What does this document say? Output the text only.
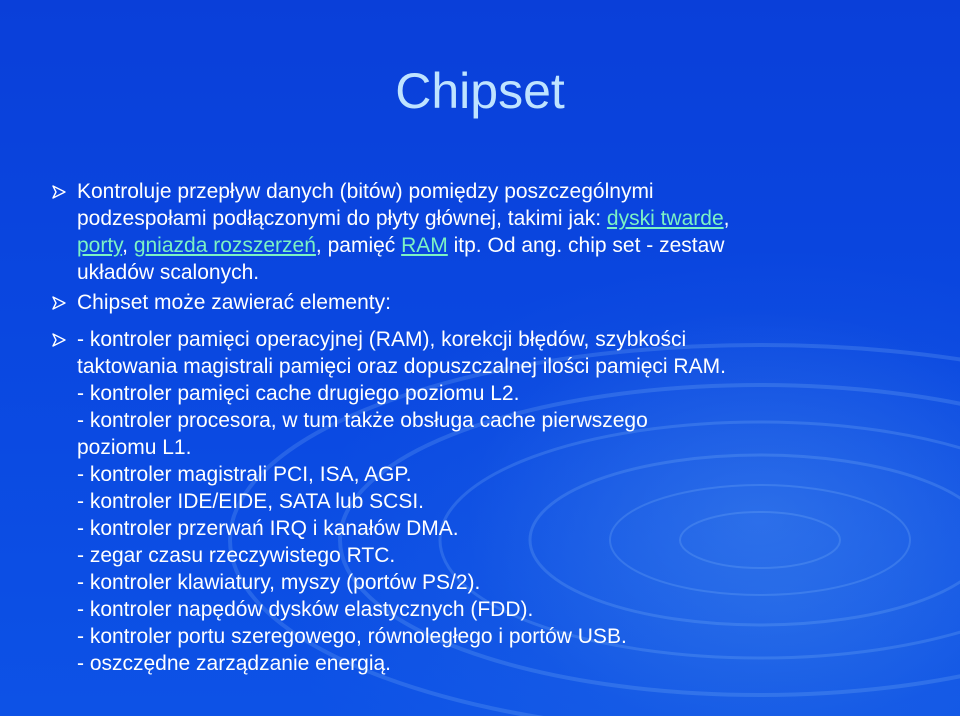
Chipset
Kontroluje przepływ danych (bitów) pomiędzy poszczególnymi
podzespołami podłączonymi do płyty głównej, takimi jak: dyski twarde,
porty, gniazda rozszerzeń, pamięć RAM itp. Od ang. chip set - zestaw
układów scalonych.
Chipset może zawierać elementy:
- kontroler pamięci operacyjnej (RAM), korekcji błędów, szybkości
taktowania magistrali pamięci oraz dopuszczalnej ilości pamięci RAM.
- kontroler pamięci cache drugiego poziomu L2.
- kontroler procesora, w tum także obsługa cache pierwszego
poziomu L1.
- kontroler magistrali PCI, ISA, AGP.
- kontroler IDE/EIDE, SATA lub SCSI.
- kontroler przerwań IRQ i kanałów DMA.
- zegar czasu rzeczywistego RTC.
- kontroler klawiatury, myszy (portów PS/2).
- kontroler napędów dysków elastycznych (FDD).
- kontroler portu szeregowego, równoległego i portów USB.
- oszczędne zarządzanie energią.
